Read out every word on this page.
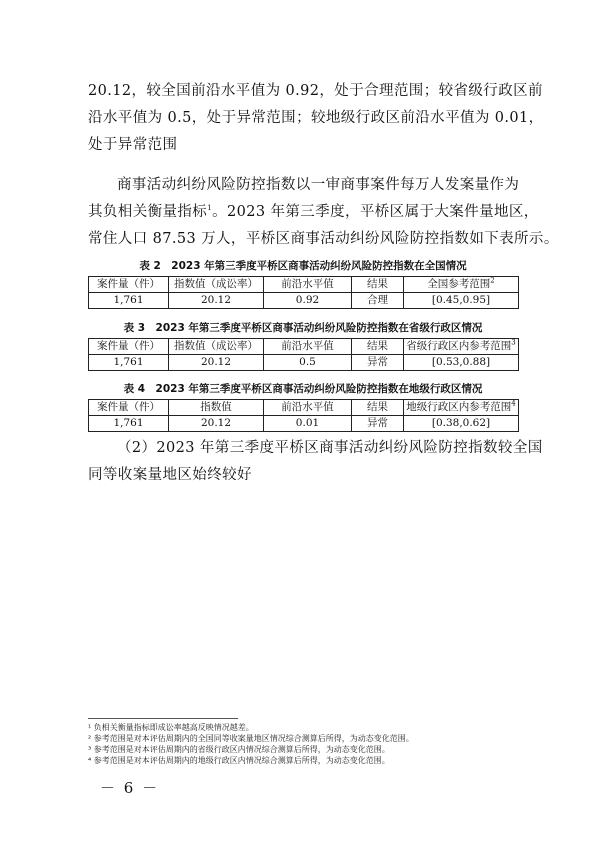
20.12，较全国前沿水平值为 0.92，处于合理范围；较省级行政区前
沿水平值为 0.5，处于异常范围；较地级行政区前沿水平值为 0.01，
处于异常范围

商事活动纠纷风险防控指数以一审商事案件每万人发案量作为
其负相关衡量指标$^1$。2023 年第三季度，平桥区属于大案件量地区，
常住人口 87.53 万人，平桥区商事活动纠纷风险防控指数如下表所示。

表 2　2023 年第三季度平桥区商事活动纠纷风险防控指数在全国情况
案件量（件）	指数值（成讼率）	前沿水平值	结果	全国参考范围$^2$
1,761	20.12	0.92	合理	[0.45,0.95]
表 3　2023 年第三季度平桥区商事活动纠纷风险防控指数在省级行政区情况
案件量（件）	指数值（成讼率）	前沿水平值	结果	省级行政区内参考范围$^3$
1,761	20.12	0.5	异常	[0.53,0.88]
表 4　2023 年第三季度平桥区商事活动纠纷风险防控指数在地级行政区情况
案件量（件）	指数值	前沿水平值	结果	地级行政区内参考范围$^4$
1,761	20.12	0.01	异常	[0.38,0.62]

（2）2023 年第三季度平桥区商事活动纠纷风险防控指数较全国
同等收案量地区始终较好

¹ 负相关衡量指标即成讼率越高反映情况越差。
² 参考范围是对本评估周期内的全国同等收案量地区情况综合测算后所得，为动态变化范围。
³ 参考范围是对本评估周期内的省级行政区内情况综合测算后所得，为动态变化范围。
⁴ 参考范围是对本评估周期内的地级行政区内情况综合测算后所得，为动态变化范围。
－ 6 －
